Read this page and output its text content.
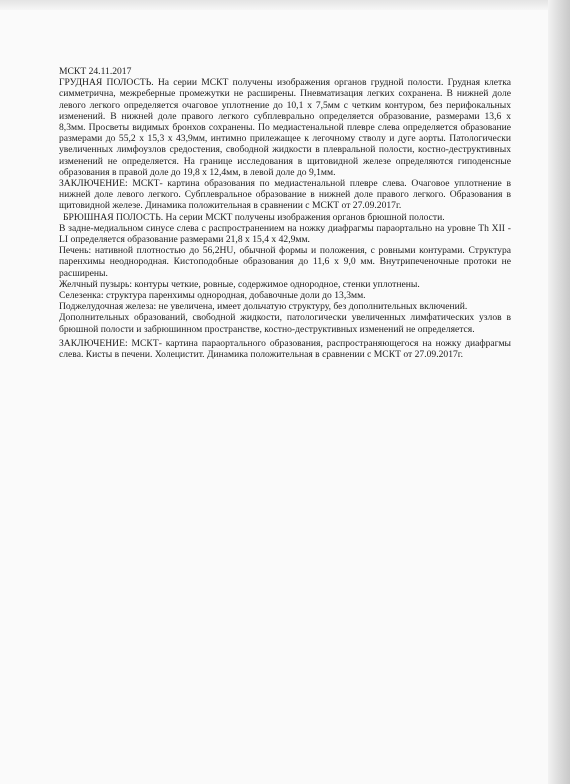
МСКТ 24.11.2017

ГРУДНАЯ ПОЛОСТЬ. На серии МСКТ получены изображения органов грудной полости. Грудная клетка симметрична, межреберные промежутки не расширены. Пневматизация легких сохранена. В нижней доле левого легкого определяется очаговое уплотнение до 10,1 х 7,5мм с четким контуром, без перифокальных изменений. В нижней доле правого легкого субплеврально определяется образование, размерами 13,6 х 8,3мм. Просветы видимых бронхов сохранены. По медиастенальной плевре слева определяется образование размерами до 55,2 х 15,3 х 43,9мм, интимно прилежащее к легочному стволу и дуге аорты. Патологически увеличенных лимфоузлов средостения, свободной жидкости в плевральной полости, костно-деструктивных изменений не определяется. На границе исследования в щитовидной железе определяются гиподенсные образования в правой доле до 19,8 х 12,4мм, в левой доле до 9,1мм.

ЗАКЛЮЧЕНИЕ: МСКТ- картина образования по медиастенальной плевре слева. Очаговое уплотнение в нижней доле левого легкого. Субплевральное образование в нижней доле правого легкого. Образования в щитовидной железе. Динамика положительная в сравнении с МСКТ от 27.09.2017г.

БРЮШНАЯ ПОЛОСТЬ. На серии МСКТ получены изображения органов брюшной полости.

В задне-медиальном синусе слева с распространением на ножку диафрагмы параортально на уровне Th XII - LI определяется образование размерами 21,8 х 15,4 х 42,9мм.

Печень: нативной плотностью до 56,2HU, обычной формы и положения, с ровными контурами. Структура паренхимы неоднородная. Кистоподобные образования до 11,6 х 9,0 мм. Внутрипеченочные протоки не расширены.

Желчный пузырь: контуры четкие, ровные, содержимое однородное, стенки уплотнены.

Селезенка: структура паренхимы однородная, добавочные доли до 13,3мм.

Поджелудочная железа: не увеличена, имеет дольчатую структуру, без дополнительных включений.

Дополнительных образований, свободной жидкости, патологически увеличенных лимфатических узлов в брюшной полости и забрюшинном пространстве, костно-деструктивных изменений не определяется.

ЗАКЛЮЧЕНИЕ: МСКТ- картина параортального образования, распространяющегося на ножку диафрагмы слева. Кисты в печени. Холецистит. Динамика положительная в сравнении с МСКТ от 27.09.2017г.
